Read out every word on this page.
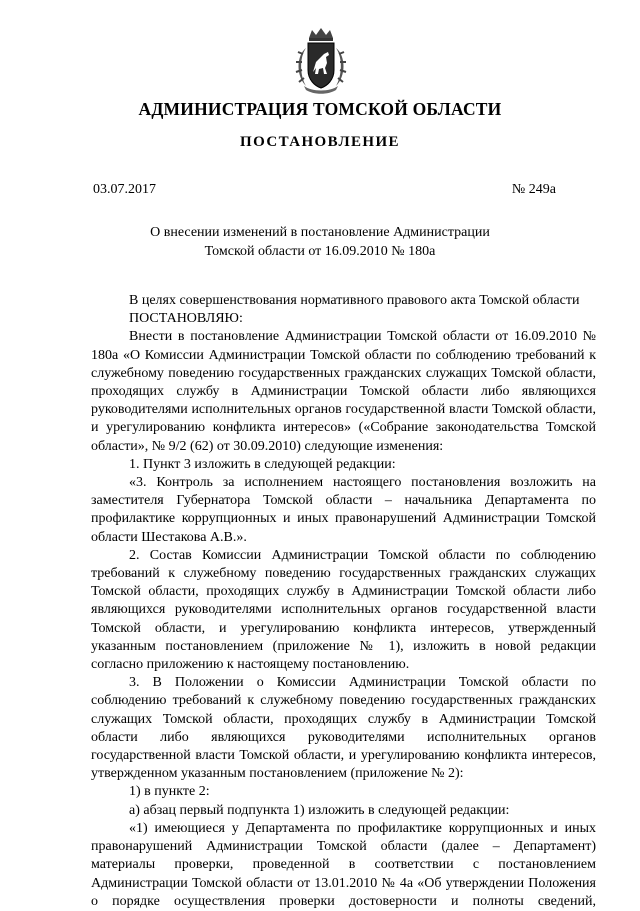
АДМИНИСТРАЦИЯ ТОМСКОЙ ОБЛАСТИ
ПОСТАНОВЛЕНИЕ
03.07.2017	№ 249а
О внесении изменений в постановление Администрации
Томской области от 16.09.2010 № 180а

В целях совершенствования нормативного правового акта Томской области

ПОСТАНОВЛЯЮ:

Внести в постановление Администрации Томской области от 16.09.2010 № 180а «О Комиссии Администрации Томской области по соблюдению требований к служебному поведению государственных гражданских служащих Томской области, проходящих службу в Администрации Томской области либо являющихся руководителями исполнительных органов государственной власти Томской области, и урегулированию конфликта интересов» («Собрание законодательства Томской области», № 9/2 (62) от 30.09.2010) следующие изменения:

1. Пункт 3 изложить в следующей редакции:

«3. Контроль за исполнением настоящего постановления возложить на заместителя Губернатора Томской области – начальника Департамента по профилактике коррупционных и иных правонарушений Администрации Томской области Шестакова А.В.».

2. Состав Комиссии Администрации Томской области по соблюдению требований к служебному поведению государственных гражданских служащих Томской области, проходящих службу в Администрации Томской области либо являющихся руководителями исполнительных органов государственной власти Томской области, и урегулированию конфликта интересов, утвержденный указанным постановлением (приложение № 1), изложить в новой редакции согласно приложению к настоящему постановлению.

3. В Положении о Комиссии Администрации Томской области по соблюдению требований к служебному поведению государственных гражданских служащих Томской области, проходящих службу в Администрации Томской области либо являющихся руководителями исполнительных органов государственной власти Томской области, и урегулированию конфликта интересов, утвержденном указанным постановлением (приложение № 2):

1) в пункте 2:

а) абзац первый подпункта 1) изложить в следующей редакции:

«1) имеющиеся у Департамента по профилактике коррупционных и иных правонарушений Администрации Томской области (далее – Департамент) материалы проверки, проведенной в соответствии с постановлением Администрации Томской области от 13.01.2010 № 4а «Об утверждении Положения о порядке осуществления проверки достоверности и полноты сведений,
